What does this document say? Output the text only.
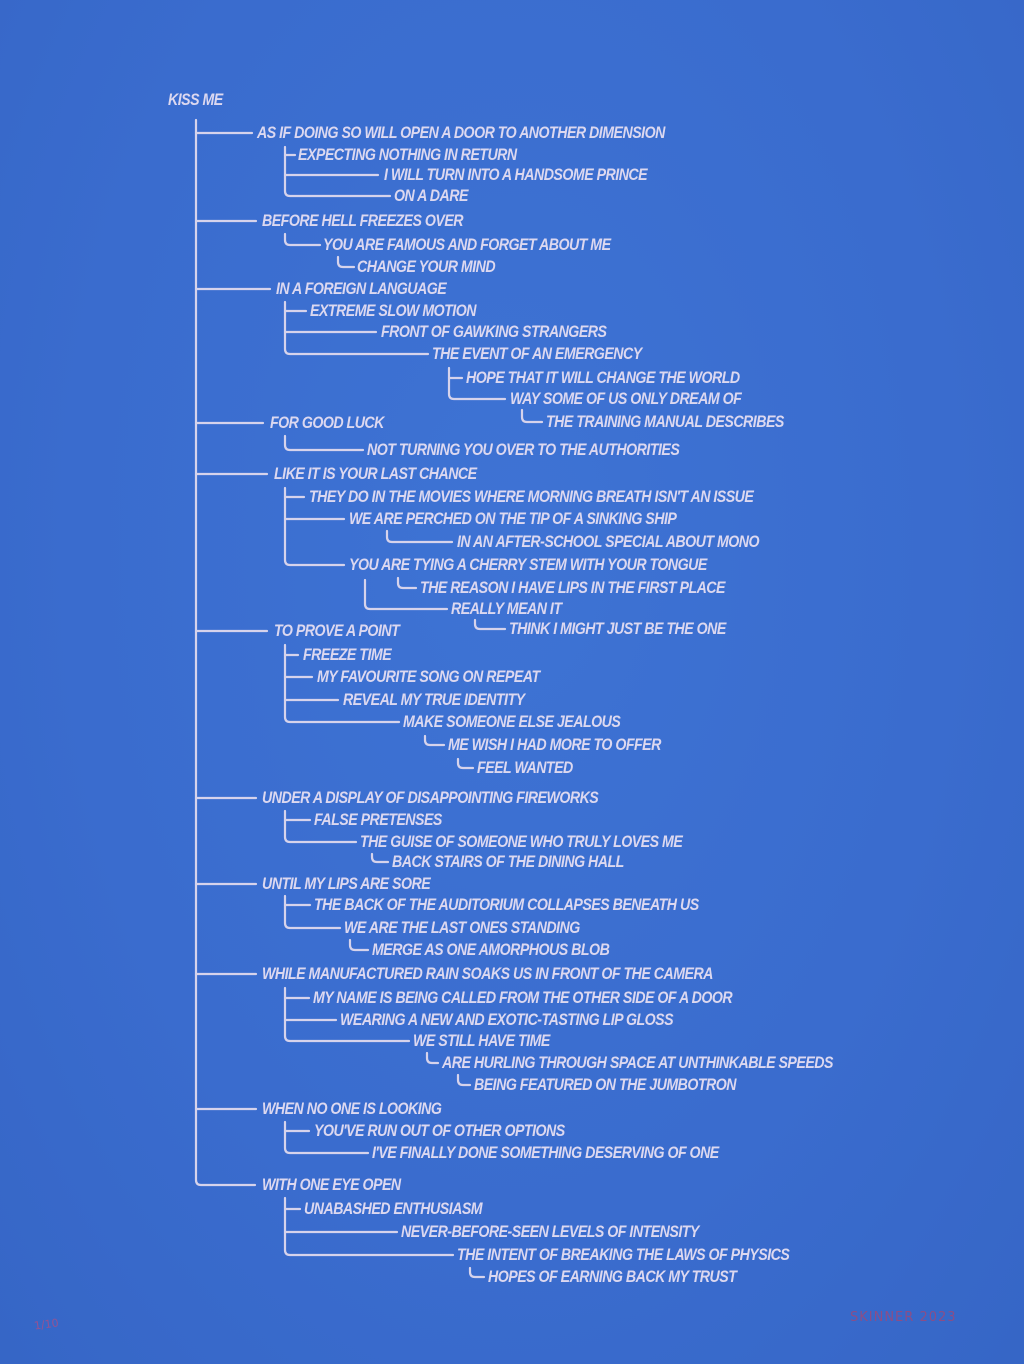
KISS ME
AS IF DOING SO WILL OPEN A DOOR TO ANOTHER DIMENSION
EXPECTING NOTHING IN RETURN
I WILL TURN INTO A HANDSOME PRINCE
ON A DARE
BEFORE HELL FREEZES OVER
YOU ARE FAMOUS AND FORGET ABOUT ME
CHANGE YOUR MIND
IN A FOREIGN LANGUAGE
EXTREME SLOW MOTION
FRONT OF GAWKING STRANGERS
THE EVENT OF AN EMERGENCY
HOPE THAT IT WILL CHANGE THE WORLD
WAY SOME OF US ONLY DREAM OF
THE TRAINING MANUAL DESCRIBES
FOR GOOD LUCK
NOT TURNING YOU OVER TO THE AUTHORITIES
LIKE IT IS YOUR LAST CHANCE
THEY DO IN THE MOVIES WHERE MORNING BREATH ISN'T AN ISSUE
WE ARE PERCHED ON THE TIP OF A SINKING SHIP
IN AN AFTER-SCHOOL SPECIAL ABOUT MONO
YOU ARE TYING A CHERRY STEM WITH YOUR TONGUE
THE REASON I HAVE LIPS IN THE FIRST PLACE
REALLY MEAN IT
THINK I MIGHT JUST BE THE ONE
TO PROVE A POINT
FREEZE TIME
MY FAVOURITE SONG ON REPEAT
REVEAL MY TRUE IDENTITY
MAKE SOMEONE ELSE JEALOUS
ME WISH I HAD MORE TO OFFER
FEEL WANTED
UNDER A DISPLAY OF DISAPPOINTING FIREWORKS
FALSE PRETENSES
THE GUISE OF SOMEONE WHO TRULY LOVES ME
BACK STAIRS OF THE DINING HALL
UNTIL MY LIPS ARE SORE
THE BACK OF THE AUDITORIUM COLLAPSES BENEATH US
WE ARE THE LAST ONES STANDING
MERGE AS ONE AMORPHOUS BLOB
WHILE MANUFACTURED RAIN SOAKS US IN FRONT OF THE CAMERA
MY NAME IS BEING CALLED FROM THE OTHER SIDE OF A DOOR
WEARING A NEW AND EXOTIC-TASTING LIP GLOSS
WE STILL HAVE TIME
ARE HURLING THROUGH SPACE AT UNTHINKABLE SPEEDS
BEING FEATURED ON THE JUMBOTRON
WHEN NO ONE IS LOOKING
YOU'VE RUN OUT OF OTHER OPTIONS
I'VE FINALLY DONE SOMETHING DESERVING OF ONE
WITH ONE EYE OPEN
UNABASHED ENTHUSIASM
NEVER-BEFORE-SEEN LEVELS OF INTENSITY
THE INTENT OF BREAKING THE LAWS OF PHYSICS
HOPES OF EARNING BACK MY TRUST
1/10	SKINNER 2023
